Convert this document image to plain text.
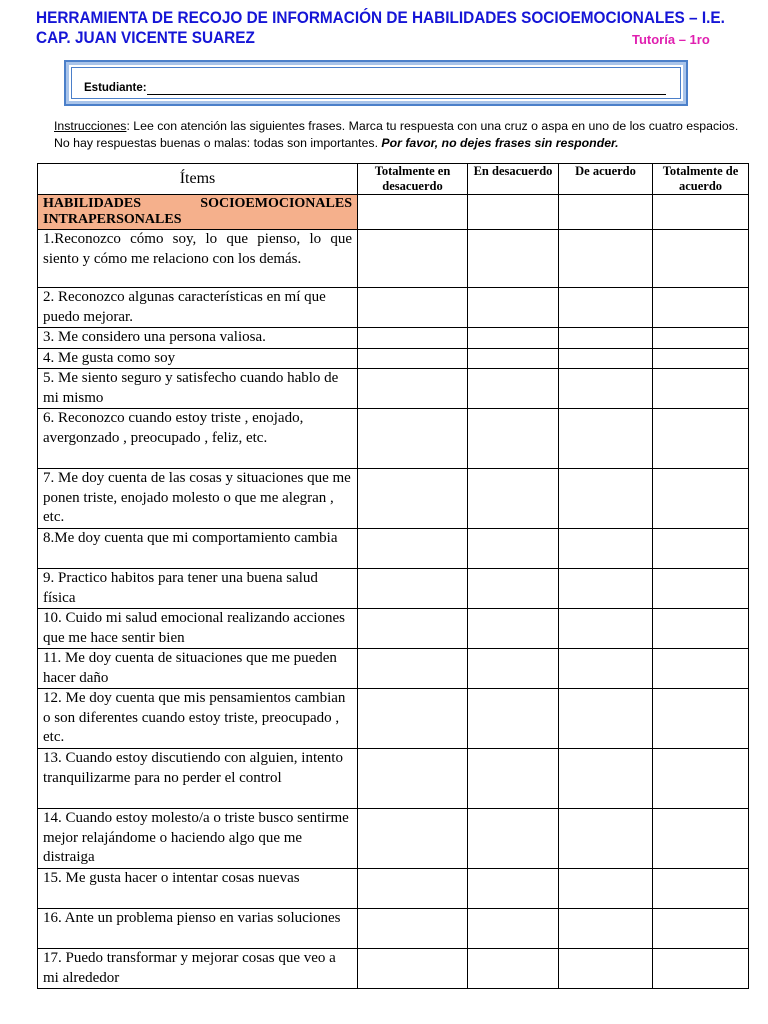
HERRAMIENTA DE RECOJO DE INFORMACIÓN DE HABILIDADES SOCIOEMOCIONALES – I.E.
CAP. JUAN VICENTE SUAREZ	Tutoría – 1ro
Estudiante:
Instrucciones: Lee con atención las siguientes frases. Marca tu respuesta con una cruz o aspa en uno de los cuatro espacios. No hay respuestas buenas o malas: todas son importantes. Por favor, no dejes frases sin responder.
Ítems	Totalmente en desacuerdo	En desacuerdo	De acuerdo	Totalmente de acuerdo

HABILIDADES SOCIOEMOCIONALES
INTRAPERSONALES				

1.Reconozco cómo soy, lo que pienso, lo que siento y cómo me relaciono con los demás.				
2. Reconozco algunas características en mí que puedo mejorar.				
3. Me considero una persona valiosa.				
4. Me gusta como soy				
5. Me siento seguro y satisfecho cuando hablo de mi mismo				
6. Reconozco cuando estoy triste , enojado, avergonzado , preocupado , feliz, etc.				
7. Me doy cuenta de las cosas y situaciones que me ponen triste, enojado molesto o que me alegran , etc.				
8.Me doy cuenta que mi comportamiento cambia				
9. Practico habitos para tener una buena salud física				
10. Cuido mi salud emocional realizando acciones que me hace sentir bien				
11. Me doy cuenta de situaciones que me pueden hacer daño				
12. Me doy cuenta que mis pensamientos cambian o son diferentes cuando estoy triste, preocupado , etc.				
13. Cuando estoy discutiendo con alguien, intento tranquilizarme para no perder el control				
14. Cuando estoy molesto/a o triste busco sentirme mejor relajándome o haciendo algo que me distraiga				
15. Me gusta hacer o intentar cosas nuevas				
16. Ante un problema pienso en varias soluciones				
17. Puedo transformar y mejorar cosas que veo a mi alrededor				
